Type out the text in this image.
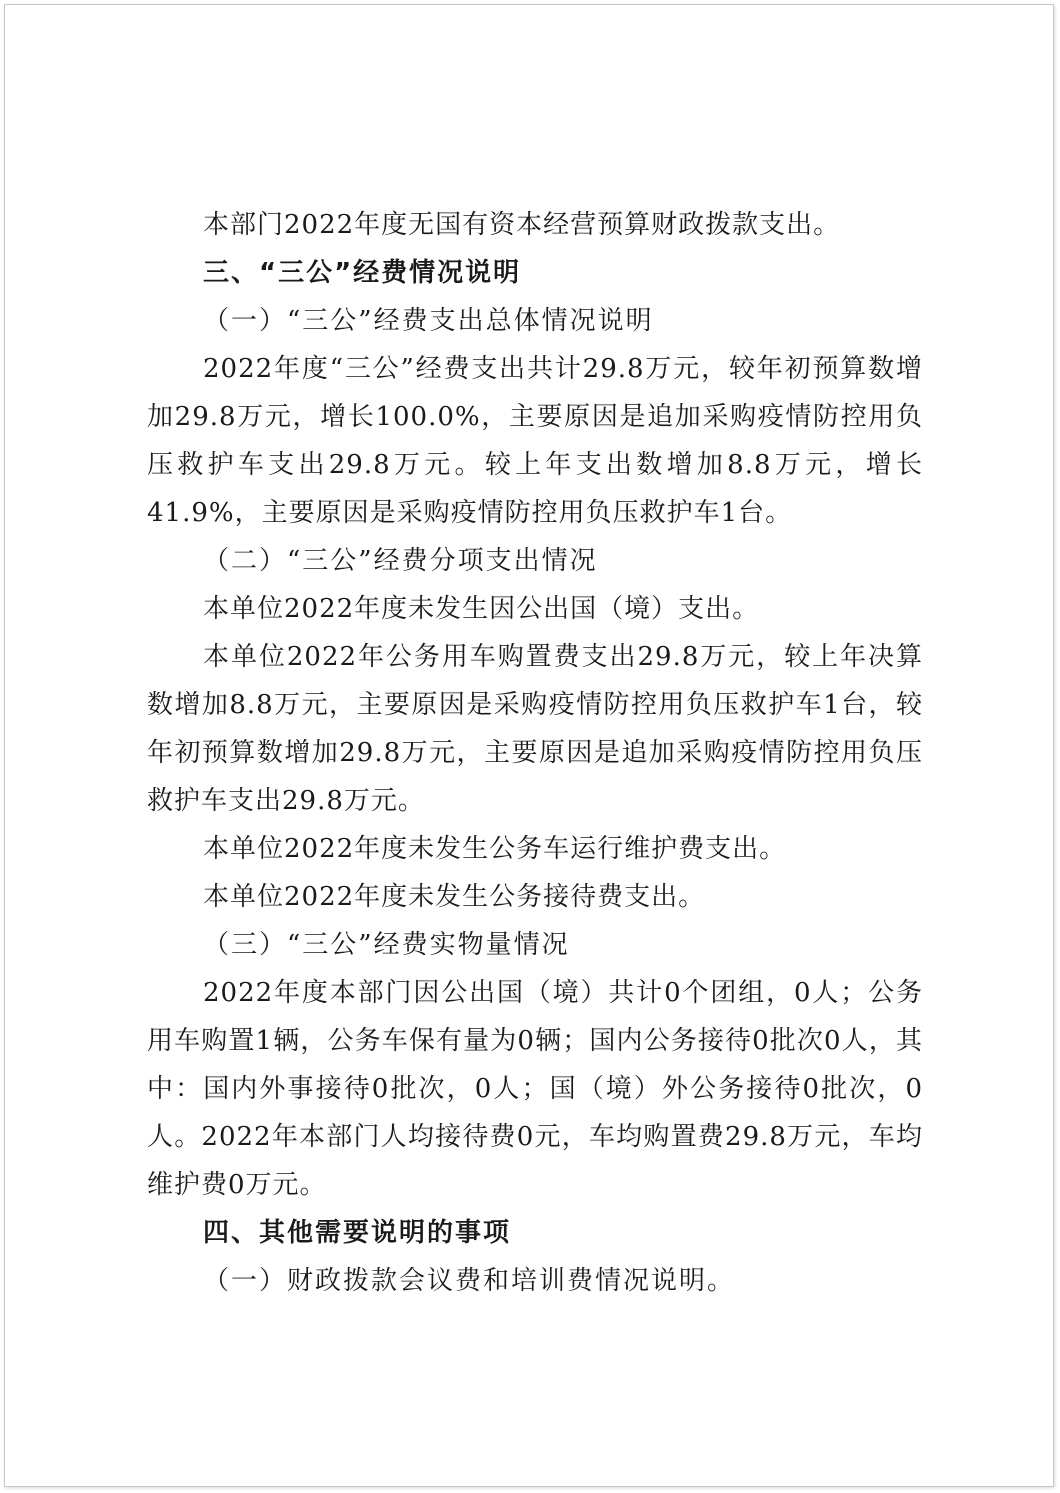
本部门2022年度无国有资本经营预算财政拨款支出。

三、“三公”经费情况说明

（一）“三公”经费支出总体情况说明

2022年度“三公”经费支出共计29.8万元，较年初预算数增加29.8万元，增长100.0%，主要原因是追加采购疫情防控用负压救护车支出29.8万元。较上年支出数增加8.8万元，增长41.9%，主要原因是采购疫情防控用负压救护车1台。

（二）“三公”经费分项支出情况

本单位2022年度未发生因公出国（境）支出。

本单位2022年公务用车购置费支出29.8万元，较上年决算数增加8.8万元，主要原因是采购疫情防控用负压救护车1台，较年初预算数增加29.8万元，主要原因是追加采购疫情防控用负压救护车支出29.8万元。

本单位2022年度未发生公务车运行维护费支出。

本单位2022年度未发生公务接待费支出。

（三）“三公”经费实物量情况

2022年度本部门因公出国（境）共计0个团组，0人；公务用车购置1辆，公务车保有量为0辆；国内公务接待0批次0人，其中：国内外事接待0批次，0人；国（境）外公务接待0批次，0人。2022年本部门人均接待费0元，车均购置费29.8万元，车均维护费0万元。

四、其他需要说明的事项

（一）财政拨款会议费和培训费情况说明。
